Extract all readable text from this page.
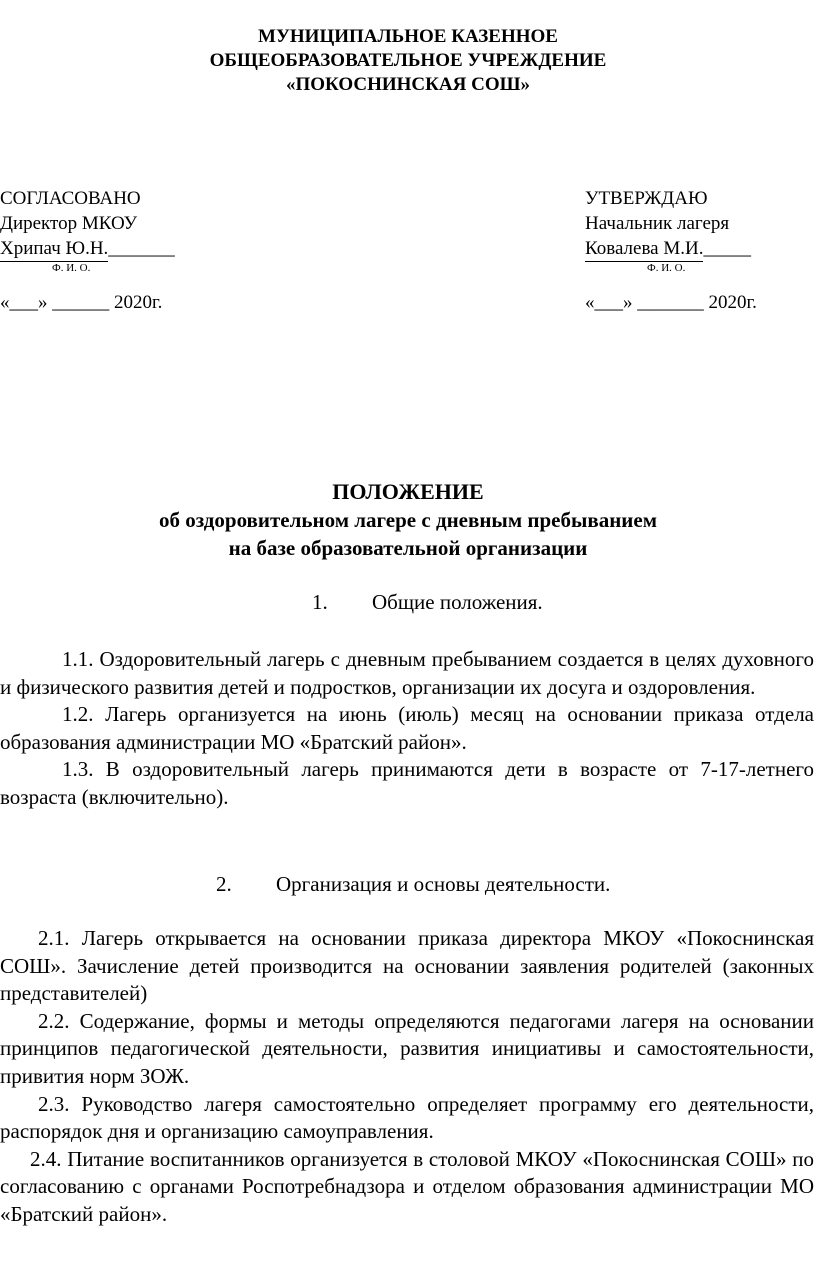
МУНИЦИПАЛЬНОЕ КАЗЕННОЕ
ОБЩЕОБРАЗОВАТЕЛЬНОЕ УЧРЕЖДЕНИЕ
«ПОКОСНИНСКАЯ СОШ»
СОГЛАСОВАНО
Директор МКОУ
Хрипач Ю.Н._______
Ф. И. О.
«___» ______ 2020г.
УТВЕРЖДАЮ
Начальник лагеря
Ковалева М.И._____
Ф. И. О.
«___» _______ 2020г.
ПОЛОЖЕНИЕ
об оздоровительном лагере с дневным пребыванием
на базе образовательной организации
1. Общие положения.

1.1. Оздоровительный лагерь с дневным пребыванием создается в целях духовного и физического развития детей и подростков, организации их досуга и оздоровления.

1.2. Лагерь организуется на июнь (июль) месяц на основании приказа отдела образования администрации МО «Братский район».

1.3. В оздоровительный лагерь принимаются дети в возрасте от 7-17-летнего возраста (включительно).

2. Организация и основы деятельности.

2.1. Лагерь открывается на основании приказа директора МКОУ «Покоснинская СОШ». Зачисление детей производится на основании заявления родителей (законных представителей)

2.2. Содержание, формы и методы определяются педагогами лагеря на основании принципов педагогической деятельности, развития инициативы и самостоятельности, привития норм ЗОЖ.

2.3. Руководство лагеря самостоятельно определяет программу его деятельности, распорядок дня и организацию самоуправления.

2.4. Питание воспитанников организуется в столовой МКОУ «Покоснинская СОШ» по согласованию с органами Роспотребнадзора и отделом образования администрации МО «Братский район».
